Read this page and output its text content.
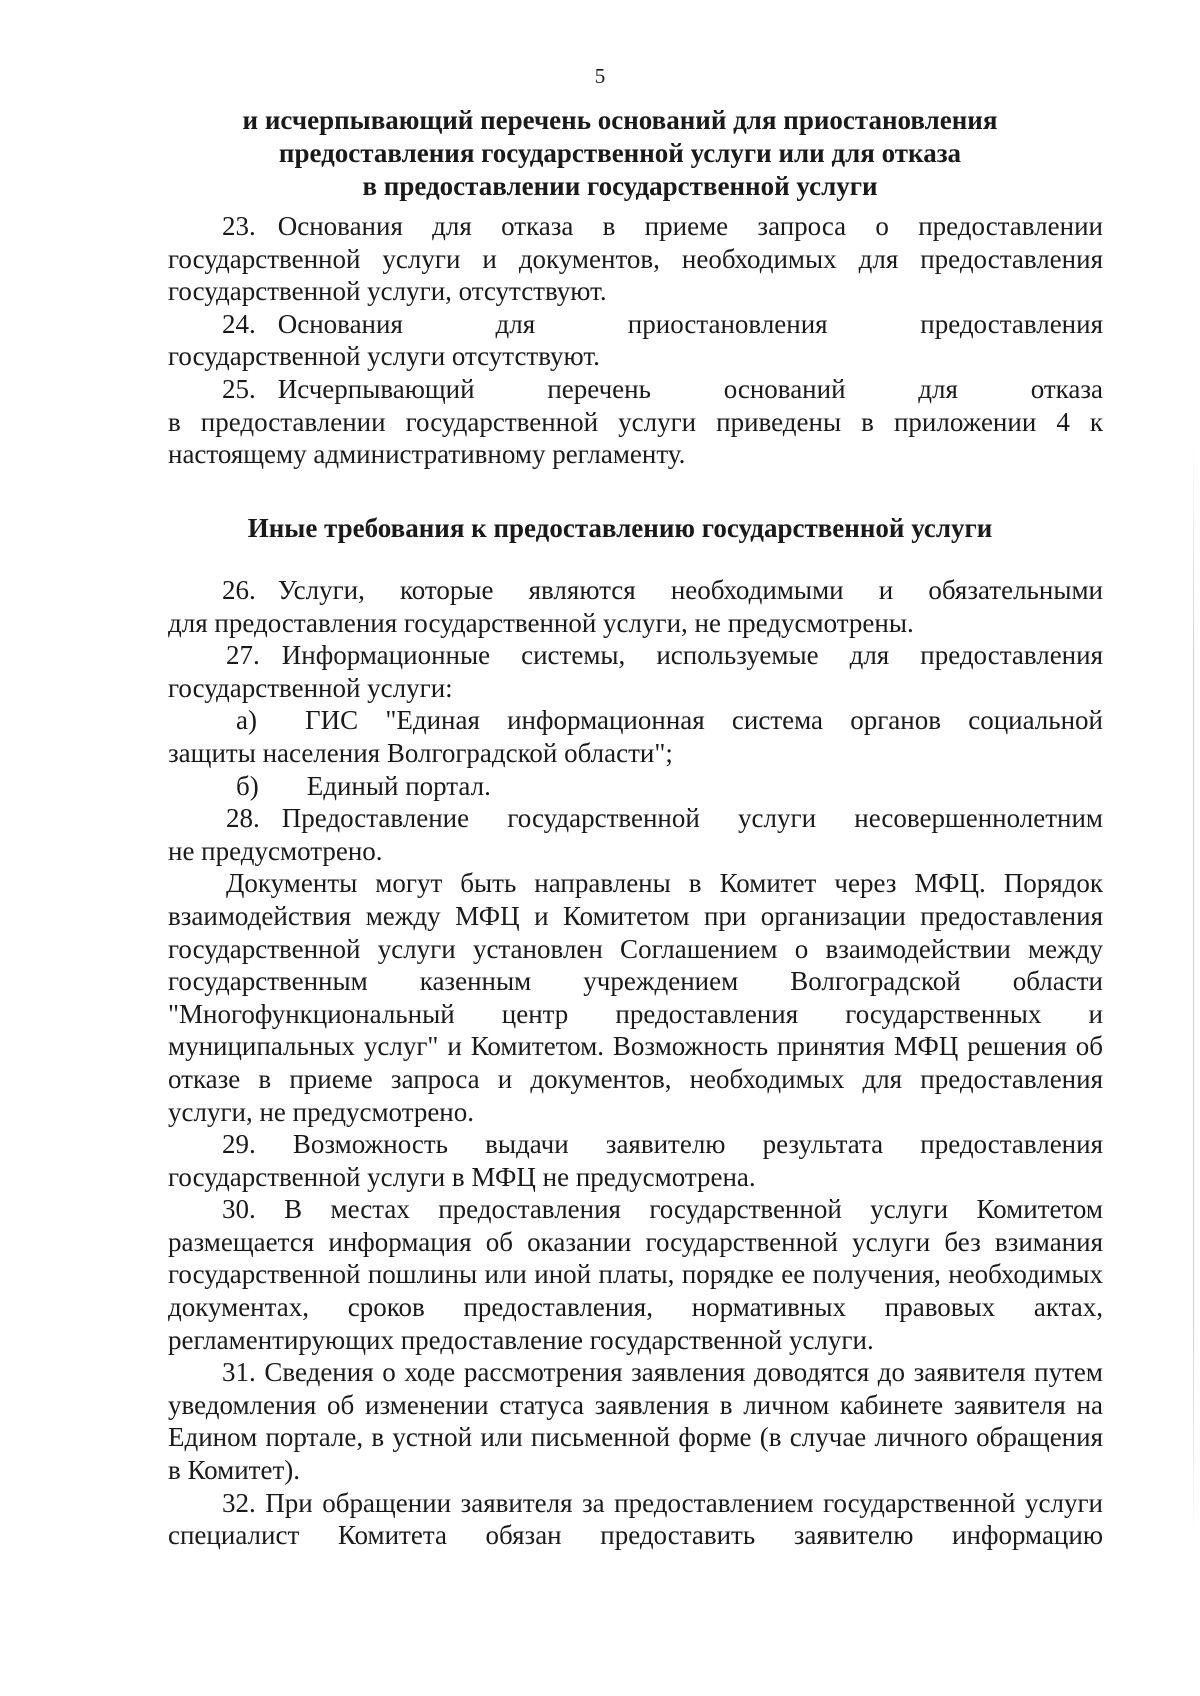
5
и исчерпывающий перечень оснований для приостановления
предоставления государственной услуги или для отказа
в предоставлении государственной услуги
23. Основания для отказа в приеме запроса о предоставлении
государственной услуги и документов, необходимых для предоставления государственной услуги, отсутствуют.
24. Основания для приостановления предоставления
государственной услуги отсутствуют.
25. Исчерпывающий перечень оснований для отказа
в предоставлении государственной услуги приведены в приложении 4 к настоящему административному регламенту.
Иные требования к предоставлению государственной услуги
26. Услуги, которые являются необходимыми и обязательными
для предоставления государственной услуги, не предусмотрены.
27. Информационные системы, используемые для предоставления
государственной услуги:
а) ГИС "Единая информационная система органов социальной
защиты населения Волгоградской области";
б) Единый портал.
28. Предоставление государственной услуги несовершеннолетним
не предусмотрено.
Документы могут быть направлены в Комитет через МФЦ. Порядок взаимодействия между МФЦ и Комитетом при организации предоставления государственной услуги установлен Соглашением о взаимодействии между государственным казенным учреждением Волгоградской области "Многофункциональный центр предоставления государственных и муниципальных услуг" и Комитетом. Возможность принятия МФЦ решения об отказе в приеме запроса и документов, необходимых для предоставления услуги, не предусмотрено.
29. Возможность выдачи заявителю результата предоставления государственной услуги в МФЦ не предусмотрена.
30. В местах предоставления государственной услуги Комитетом размещается информация об оказании государственной услуги без взимания государственной пошлины или иной платы, порядке ее получения, необходимых документах, сроков предоставления, нормативных правовых актах, регламентирующих предоставление государственной услуги.
31. Сведения о ходе рассмотрения заявления доводятся до заявителя путем уведомления об изменении статуса заявления в личном кабинете заявителя на Едином портале, в устной или письменной форме (в случае личного обращения в Комитет).
32. При обращении заявителя за предоставлением государственной услуги специалист Комитета обязан предоставить заявителю информацию
